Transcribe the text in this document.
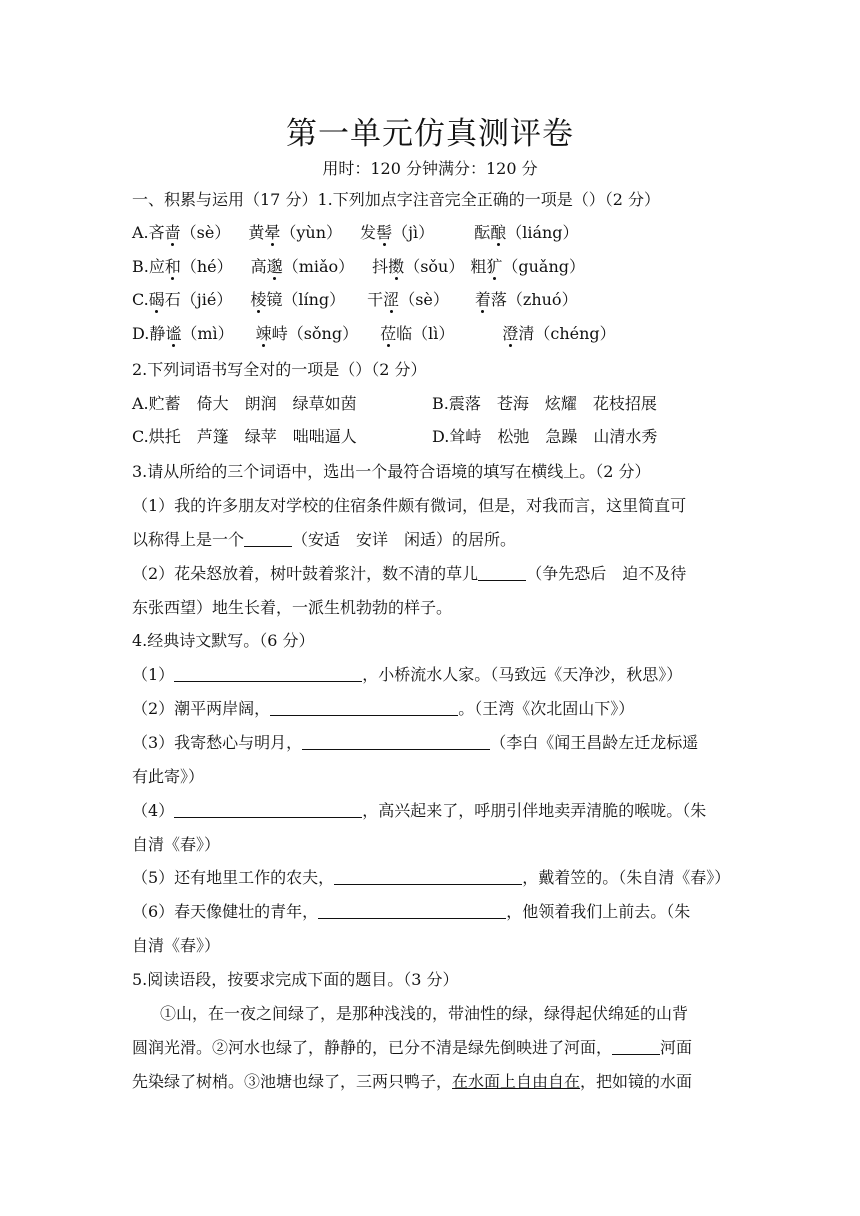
第一单元仿真测评卷
用时：120 分钟满分：120 分
一、积累与运用（17 分）1.下列加点字注音完全正确的一项是（）（2 分）
A.吝啬（sè） 黄晕（yùn） 发髻（jì）	酝酿（liáng）
B.应和（hé） 高邈（miǎo） 抖擞（sǒu） 粗犷（guǎng）
C.碣石（jié） 棱镜（líng） 干涩（sè） 着落（zhuó）
D.静谧（mì） 竦峙（sǒng） 莅临（lì）	澄清（chéng）
2.下列词语书写全对的一项是（）（2 分）
A.贮蓄　倚大　朗润　绿草如茵	B.震落　苍海　炫耀　花枝招展
C.烘托　芦篷　绿苹　咄咄逼人	D.耸峙　松弛　急躁　山清水秀
3.请从所给的三个词语中，选出一个最符合语境的填写在横线上。（2 分）
（1）我的许多朋友对学校的住宿条件颇有微词，但是，对我而言，这里简直可
以称得上是一个	（安适　安详　闲适）的居所。
（2）花朵怒放着，树叶鼓着浆汁，数不清的草儿	（争先恐后　迫不及待
东张西望）地生长着，一派生机勃勃的样子。
4.经典诗文默写。（6 分）
（1）	，小桥流水人家。（马致远《天净沙，秋思》）
（2）潮平两岸阔，	。（王湾《次北固山下》）
（3）我寄愁心与明月，	（李白《闻王昌龄左迁龙标遥
有此寄》）
（4）	，高兴起来了，呼朋引伴地卖弄清脆的喉咙。（朱
自清《春》）
（5）还有地里工作的农夫，	，戴着笠的。（朱自清《春》）
（6）春天像健壮的青年，	，他领着我们上前去。（朱
自清《春》）
5.阅读语段，按要求完成下面的题目。（3 分）
①山，在一夜之间绿了，是那种浅浅的，带油性的绿，绿得起伏绵延的山背
圆润光滑。②河水也绿了，静静的，已分不清是绿先倒映进了河面，	河面
先染绿了树梢。③池塘也绿了，三两只鸭子，在水面上自由自在，把如镜的水面
